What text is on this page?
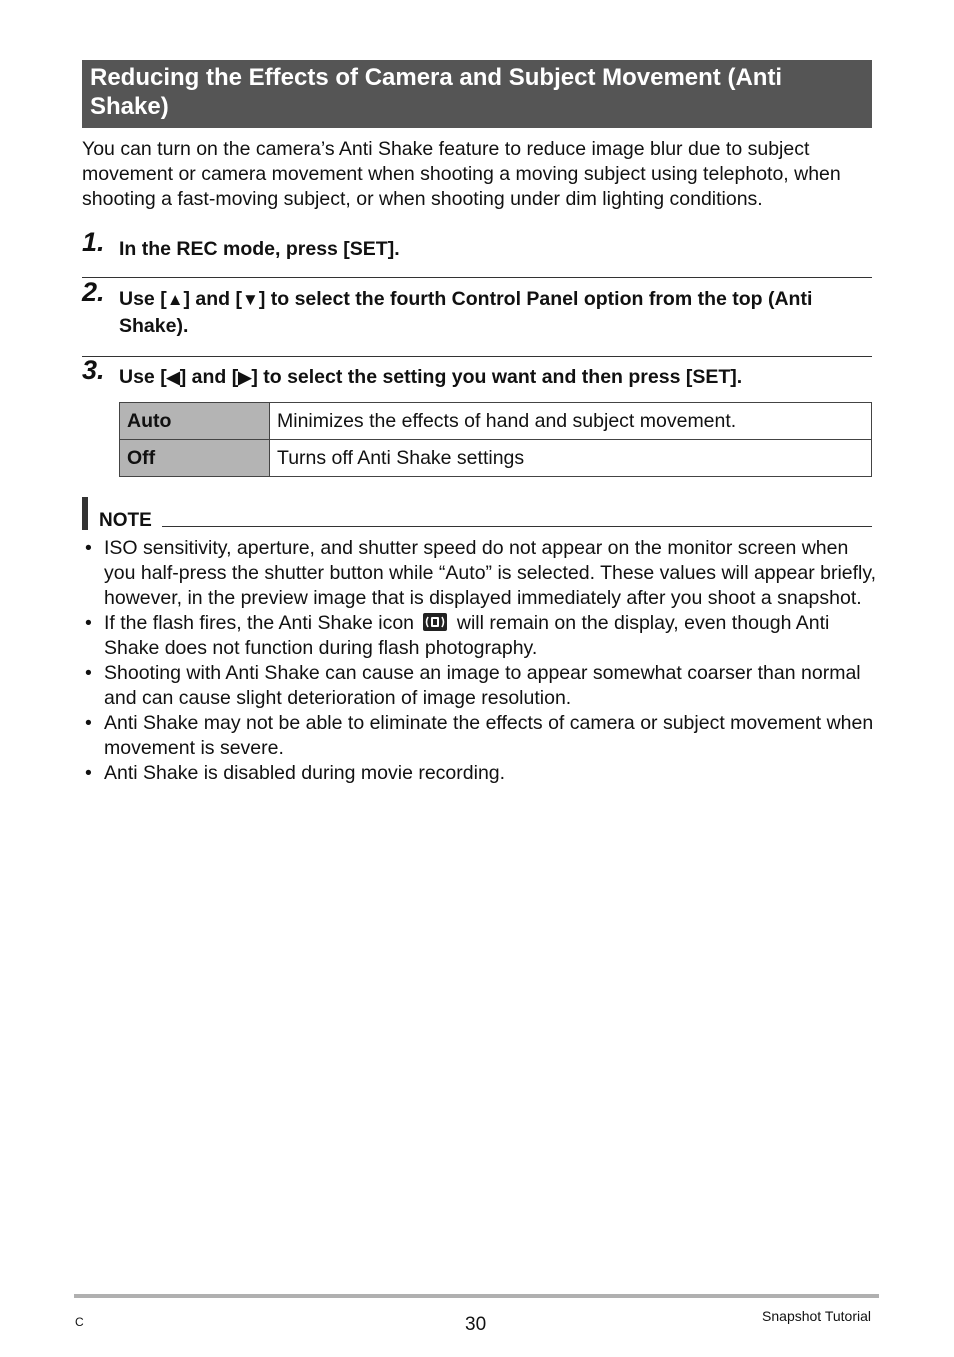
Reducing the Effects of Camera and Subject Movement (Anti Shake)

You can turn on the camera’s Anti Shake feature to reduce image blur due to subject movement or camera movement when shooting a moving subject using telephoto, when shooting a fast-moving subject, or when shooting under dim lighting conditions.

1. In the REC mode, press [SET].
2. Use [▲] and [▼] to select the fourth Control Panel option from the top (Anti Shake).
3. Use [◀] and [▶] to select the setting you want and then press [SET].
Auto	Minimizes the effects of hand and subject movement.
Off	Turns off Anti Shake settings
NOTE
• ISO sensitivity, aperture, and shutter speed do not appear on the monitor screen when you half-press the shutter button while “Auto” is selected. These values will appear briefly, however, in the preview image that is displayed immediately after you shoot a snapshot.
• If the flash fires, the Anti Shake icon will remain on the display, even though Anti Shake does not function during flash photography.
• Shooting with Anti Shake can cause an image to appear somewhat coarser than normal and can cause slight deterioration of image resolution.
• Anti Shake may not be able to eliminate the effects of camera or subject movement when movement is severe.
• Anti Shake is disabled during movie recording.
C	30	Snapshot Tutorial
